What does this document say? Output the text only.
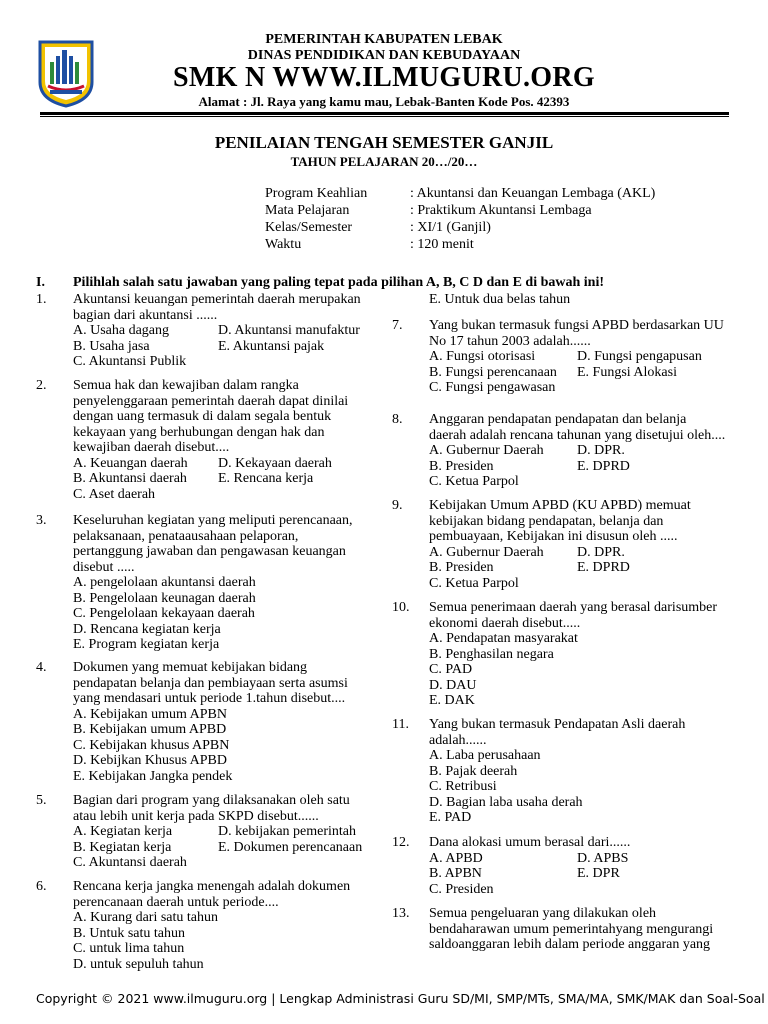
PEMERINTAH KABUPATEN LEBAK
DINAS PENDIDIKAN DAN KEBUDAYAAN
SMK N WWW.ILMUGURU.ORG
Alamat : Jl. Raya yang kamu mau, Lebak-Banten Kode Pos. 42393
PENILAIAN TENGAH SEMESTER GANJIL
TAHUN PELAJARAN 20…/20…
Program Keahlian	: Akuntansi dan Keuangan Lembaga (AKL)
Mata Pelajaran	: Praktikum Akuntansi Lembaga
Kelas/Semester	: XI/1 (Ganjil)
Waktu	: 120 menit
I. Pilihlah salah satu jawaban yang paling tepat pada pilihan A, B, C D dan E di bawah ini!
1. Akuntansi keuangan pemerintah daerah merupakan
bagian dari akuntansi ......
A. Usaha dagang	D. Akuntansi manufaktur
B. Usaha jasa	E. Akuntansi pajak
C. Akuntansi Publik
2. Semua hak dan kewajiban dalam rangka
penyelenggaraan pemerintah daerah dapat dinilai
dengan uang termasuk di dalam segala bentuk
kekayaan yang berhubungan dengan hak dan
kewajiban daerah disebut....
A. Keuangan daerah	D. Kekayaan daerah
B. Akuntansi daerah	E. Rencana kerja
C. Aset daerah
3. Keseluruhan kegiatan yang meliputi perencanaan,
pelaksanaan, penataausahaan pelaporan,
pertanggung jawaban dan pengawasan keuangan
disebut .....
A. pengelolaan akuntansi daerah
B. Pengelolaan keunagan daerah
C. Pengelolaan kekayaan daerah
D. Rencana kegiatan kerja
E. Program kegiatan kerja
4. Dokumen yang memuat kebijakan bidang
pendapatan belanja dan pembiayaan serta asumsi
yang mendasari untuk periode 1.tahun disebut....
A. Kebijakan umum APBN
B. Kebijakan umum APBD
C. Kebijakan khusus APBN
D. Kebijkan Khusus APBD
E. Kebijakan Jangka pendek
5. Bagian dari program yang dilaksanakan oleh satu
atau lebih unit kerja pada SKPD disebut......
A. Kegiatan kerja	D. kebijakan pemerintah
B. Kegiatan kerja	E. Dokumen perencanaan
C. Akuntansi daerah
6. Rencana kerja jangka menengah adalah dokumen
perencanaan daerah untuk periode....
A. Kurang dari satu tahun
B. Untuk satu tahun
C. untuk lima tahun
D. untuk sepuluh tahun
E. Untuk dua belas tahun
7. Yang bukan termasuk fungsi APBD berdasarkan UU
No 17 tahun 2003 adalah......
A. Fungsi otorisasi	D. Fungsi pengapusan
B. Fungsi perencanaan	E. Fungsi Alokasi
C. Fungsi pengawasan
8. Anggaran pendapatan pendapatan dan belanja
daerah adalah rencana tahunan yang disetujui oleh....
A. Gubernur Daerah	D. DPR.
B. Presiden	E. DPRD
C. Ketua Parpol
9. Kebijakan Umum APBD (KU APBD) memuat
kebijakan bidang pendapatan, belanja dan
pembuayaan, Kebijakan ini disusun oleh .....
A. Gubernur Daerah	D. DPR.
B. Presiden	E. DPRD
C. Ketua Parpol
10. Semua penerimaan daerah yang berasal darisumber
ekonomi daerah disebut.....
A. Pendapatan masyarakat
B. Penghasilan negara
C. PAD
D. DAU
E. DAK
11. Yang bukan termasuk Pendapatan Asli daerah
adalah......
A. Laba perusahaan
B. Pajak deerah
C. Retribusi
D. Bagian laba usaha derah
E. PAD
12. Dana alokasi umum berasal dari......
A. APBD	D. APBS
B. APBN	E. DPR
C. Presiden
13. Semua pengeluaran yang dilakukan oleh
bendaharawan umum pemerintahyang mengurangi
saldoanggaran lebih dalam periode anggaran yang
Copyright © 2021 www.ilmuguru.org | Lengkap Administrasi Guru SD/MI, SMP/MTs, SMA/MA, SMK/MAK dan Soal-Soal
